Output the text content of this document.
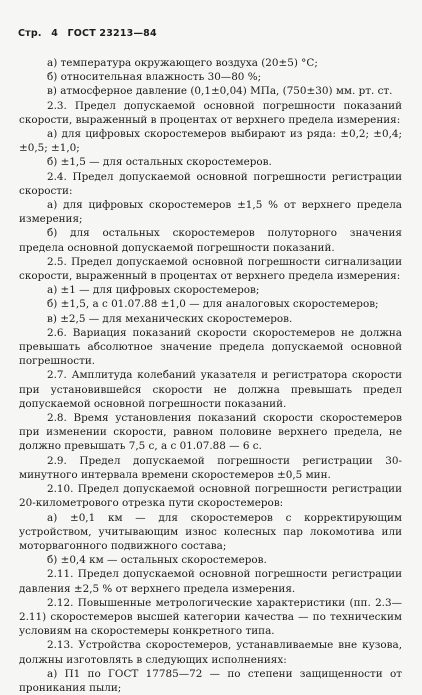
Стр. 4 ГОСТ 23213—84

а) температура окружающего воздуха (20±5) °С;

б) относительная влажность 30—80 %;

в) атмосферное давление (0,1±0,04) МПа, (750±30) мм. рт. ст.

2.3. Предел допускаемой основной погрешности показаний скорости, выраженный в процентах от верхнего предела измерения:

а) для цифровых скоростемеров выбирают из ряда: ±0,2; ±0,4; ±0,5; ±1,0;

б) ±1,5 — для остальных скоростемеров.

2.4. Предел допускаемой основной погрешности регистрации скорости:

а) для цифровых скоростемеров ±1,5 % от верхнего предела измерения;

б) для остальных скоростемеров полуторного значения предела основной допускаемой погрешности показаний.

2.5. Предел допускаемой основной погрешности сигнализации скорости, выраженный в процентах от верхнего предела измерения:

а) ±1 — для цифровых скоростемеров;

б) ±1,5, а с 01.07.88 ±1,0 — для аналоговых скоростемеров;

в) ±2,5 — для механических скоростемеров.

2.6. Вариация показаний скорости скоростемеров не должна превышать абсолютное значение предела допускаемой основной погрешности.

2.7. Амплитуда колебаний указателя и регистратора скорости при установившейся скорости не должна превышать предел допускаемой основной погрешности показаний.

2.8. Время установления показаний скорости скоростемеров при изменении скорости, равном половине верхнего предела, не должно превышать 7,5 с, а с 01.07.88 — 6 с.

2.9. Предел допускаемой погрешности регистрации 30-минутного интервала времени скоростемеров ±0,5 мин.

2.10. Предел допускаемой основной погрешности регистрации 20-километрового отрезка пути скоростемеров:

а) ±0,1 км — для скоростемеров с корректирующим устройством, учитывающим износ колесных пар локомотива или моторвагонного подвижного состава;

б) ±0,4 км — остальных скоростемеров.

2.11. Предел допускаемой основной погрешности регистрации давления ±2,5 % от верхнего предела измерения.

2.12. Повышенные метрологические характеристики (пп. 2.3—2.11) скоростемеров высшей категории качества — по техническим условиям на скоростемеры конкретного типа.

2.13. Устройства скоростемеров, устанавливаемые вне кузова, должны изготовлять в следующих исполнениях:

а) П1 по ГОСТ 17785—72 — по степени защищенности от проникания пыли;
